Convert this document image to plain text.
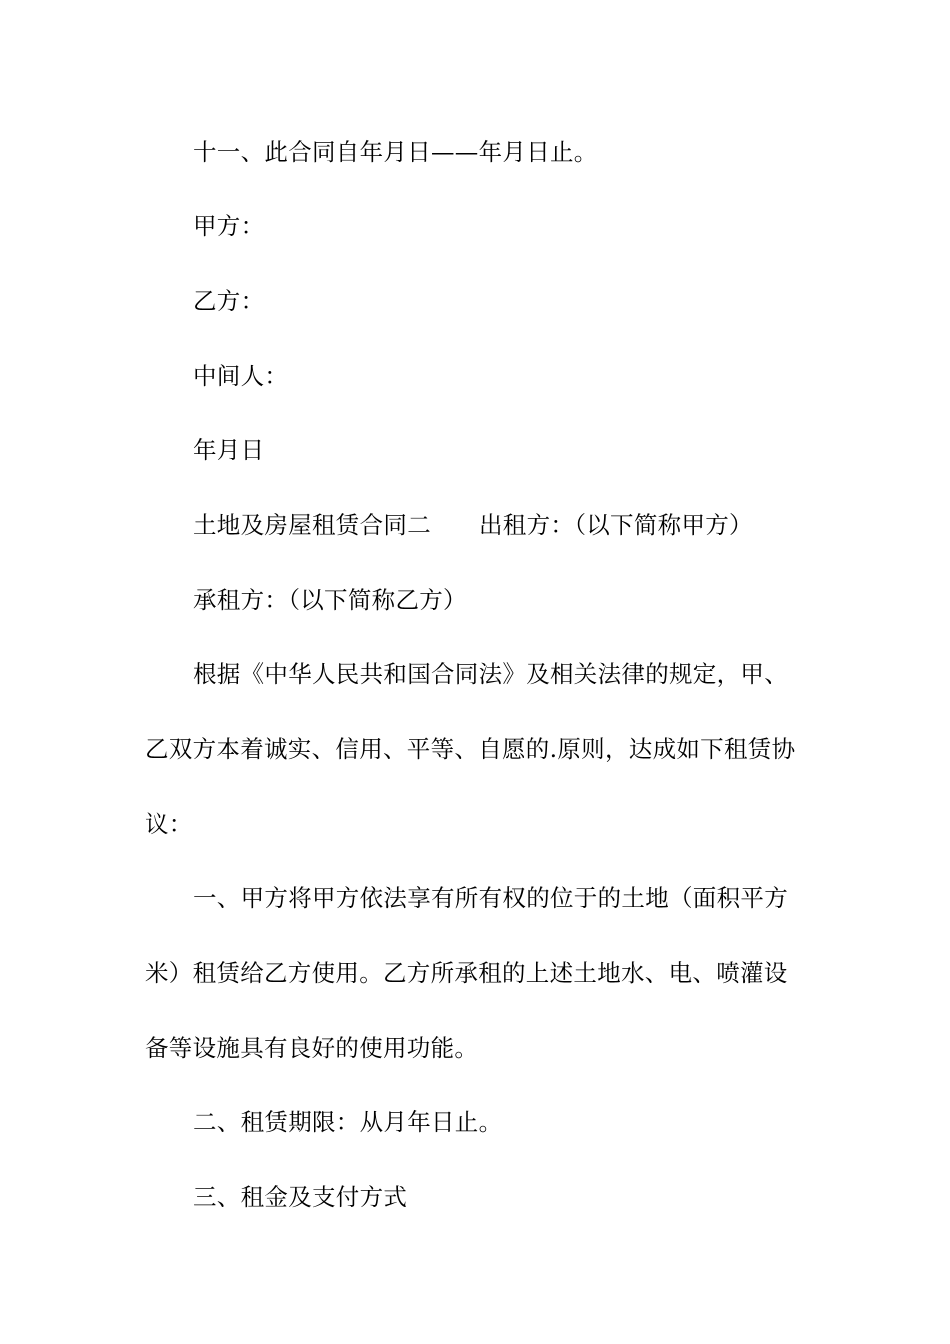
十一、此合同自年月日——年月日止。
甲方：
乙方：
中间人：
年月日
土地及房屋租赁合同二 出租方：（以下简称甲方）
承租方：（以下简称乙方）
根据《中华人民共和国合同法》及相关法律的规定，甲、
乙双方本着诚实、信用、平等、自愿的.原则，达成如下租赁协
议：
一、甲方将甲方依法享有所有权的位于的土地（面积平方
米）租赁给乙方使用。乙方所承租的上述土地水、电、喷灌设
备等设施具有良好的使用功能。
二、租赁期限：从月年日止。
三、租金及支付方式
